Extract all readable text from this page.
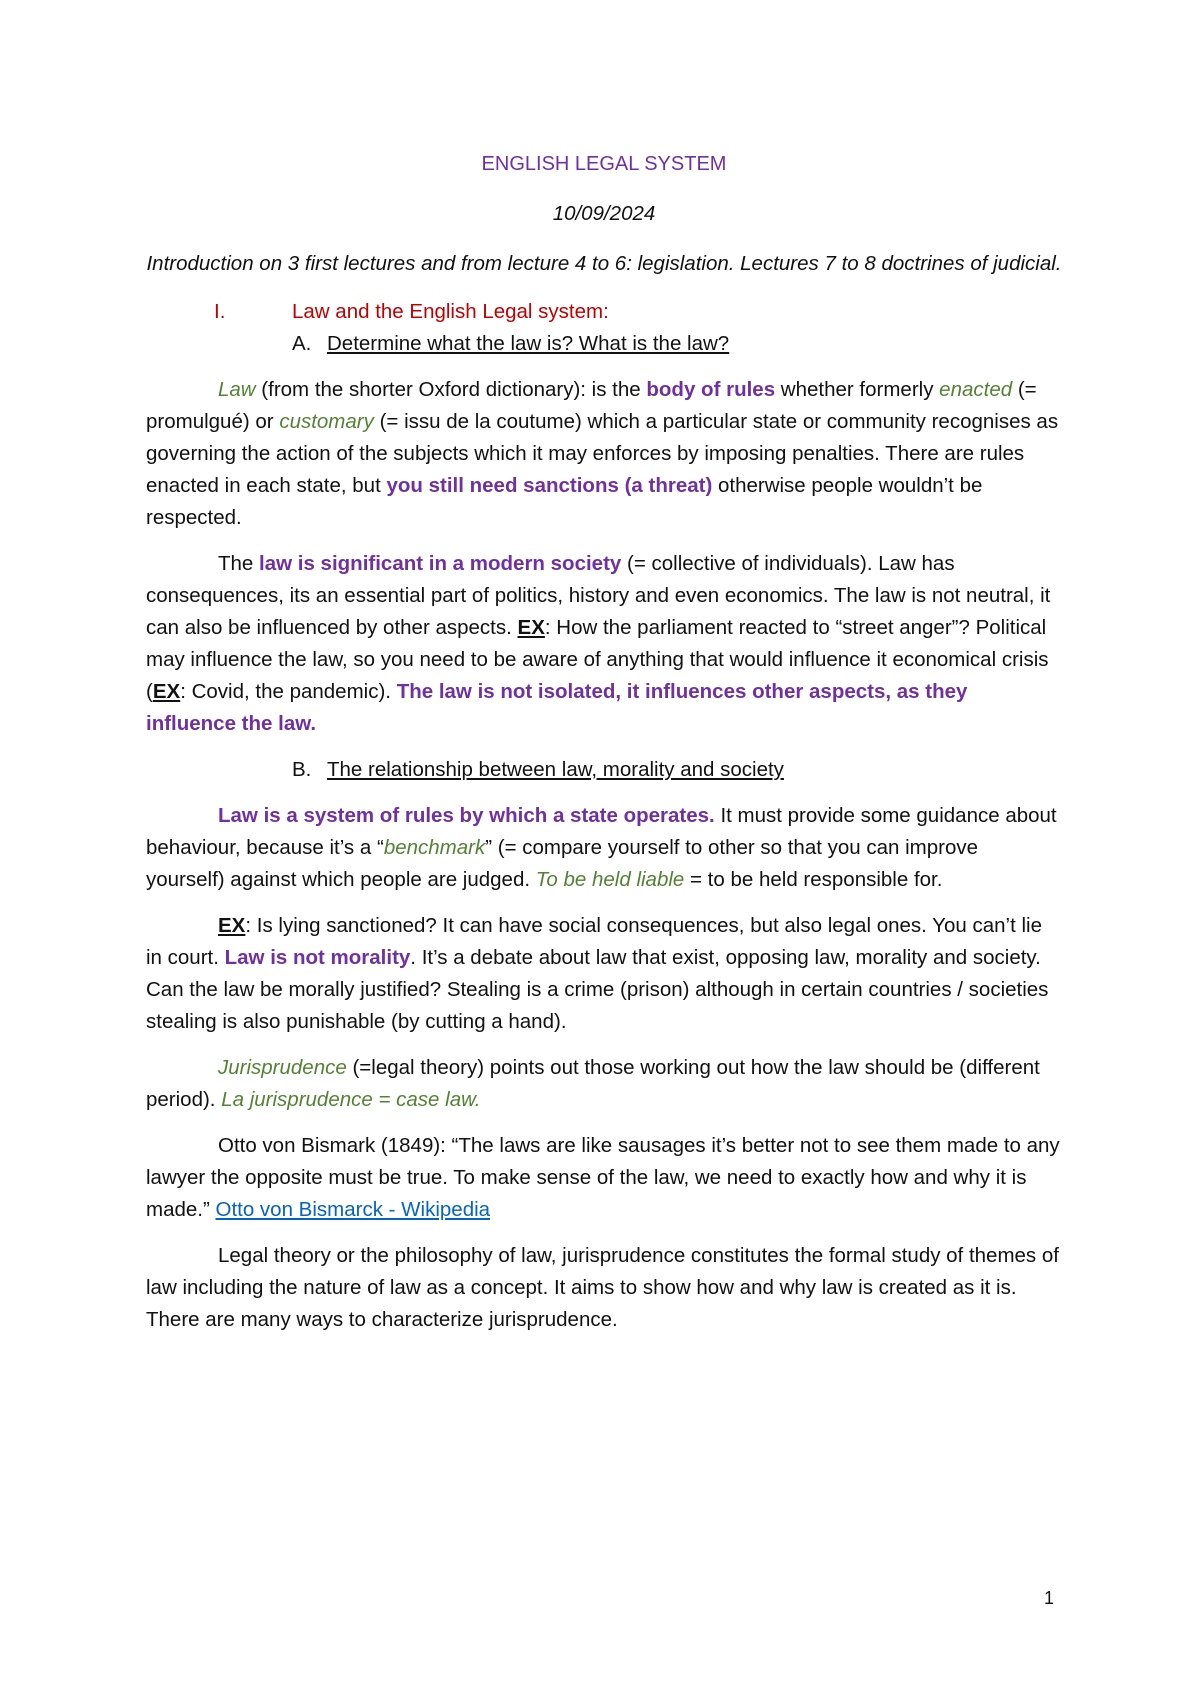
ENGLISH LEGAL SYSTEM
10/09/2024
Introduction on 3 first lectures and from lecture 4 to 6: legislation. Lectures 7 to 8 doctrines of judicial.
I.	Law and the English Legal system:
A. Determine what the law is? What is the law?

Law (from the shorter Oxford dictionary): is the body of rules whether formerly enacted (= promulgué) or customary (= issu de la coutume) which a particular state or community recognises as governing the action of the subjects which it may enforces by imposing penalties. There are rules enacted in each state, but you still need sanctions (a threat) otherwise people wouldn’t be respected.

The law is significant in a modern society (= collective of individuals). Law has consequences, its an essential part of politics, history and even economics. The law is not neutral, it can also be influenced by other aspects. EX: How the parliament reacted to “street anger”? Political may influence the law, so you need to be aware of anything that would influence it economical crisis (EX: Covid, the pandemic). The law is not isolated, it influences other aspects, as they influence the law.

B. The relationship between law, morality and society

Law is a system of rules by which a state operates. It must provide some guidance about behaviour, because it’s a “benchmark” (= compare yourself to other so that you can improve yourself) against which people are judged. To be held liable = to be held responsible for.

EX: Is lying sanctioned? It can have social consequences, but also legal ones. You can’t lie in court. Law is not morality. It’s a debate about law that exist, opposing law, morality and society. Can the law be morally justified? Stealing is a crime (prison) although in certain countries / societies stealing is also punishable (by cutting a hand).

Jurisprudence (=legal theory) points out those working out how the law should be (different period). La jurisprudence = case law.

Otto von Bismark (1849): “The laws are like sausages it’s better not to see them made to any lawyer the opposite must be true. To make sense of the law, we need to exactly how and why it is made.” Otto von Bismarck - Wikipedia

Legal theory or the philosophy of law, jurisprudence constitutes the formal study of themes of law including the nature of law as a concept. It aims to show how and why law is created as it is. There are many ways to characterize jurisprudence.

1
